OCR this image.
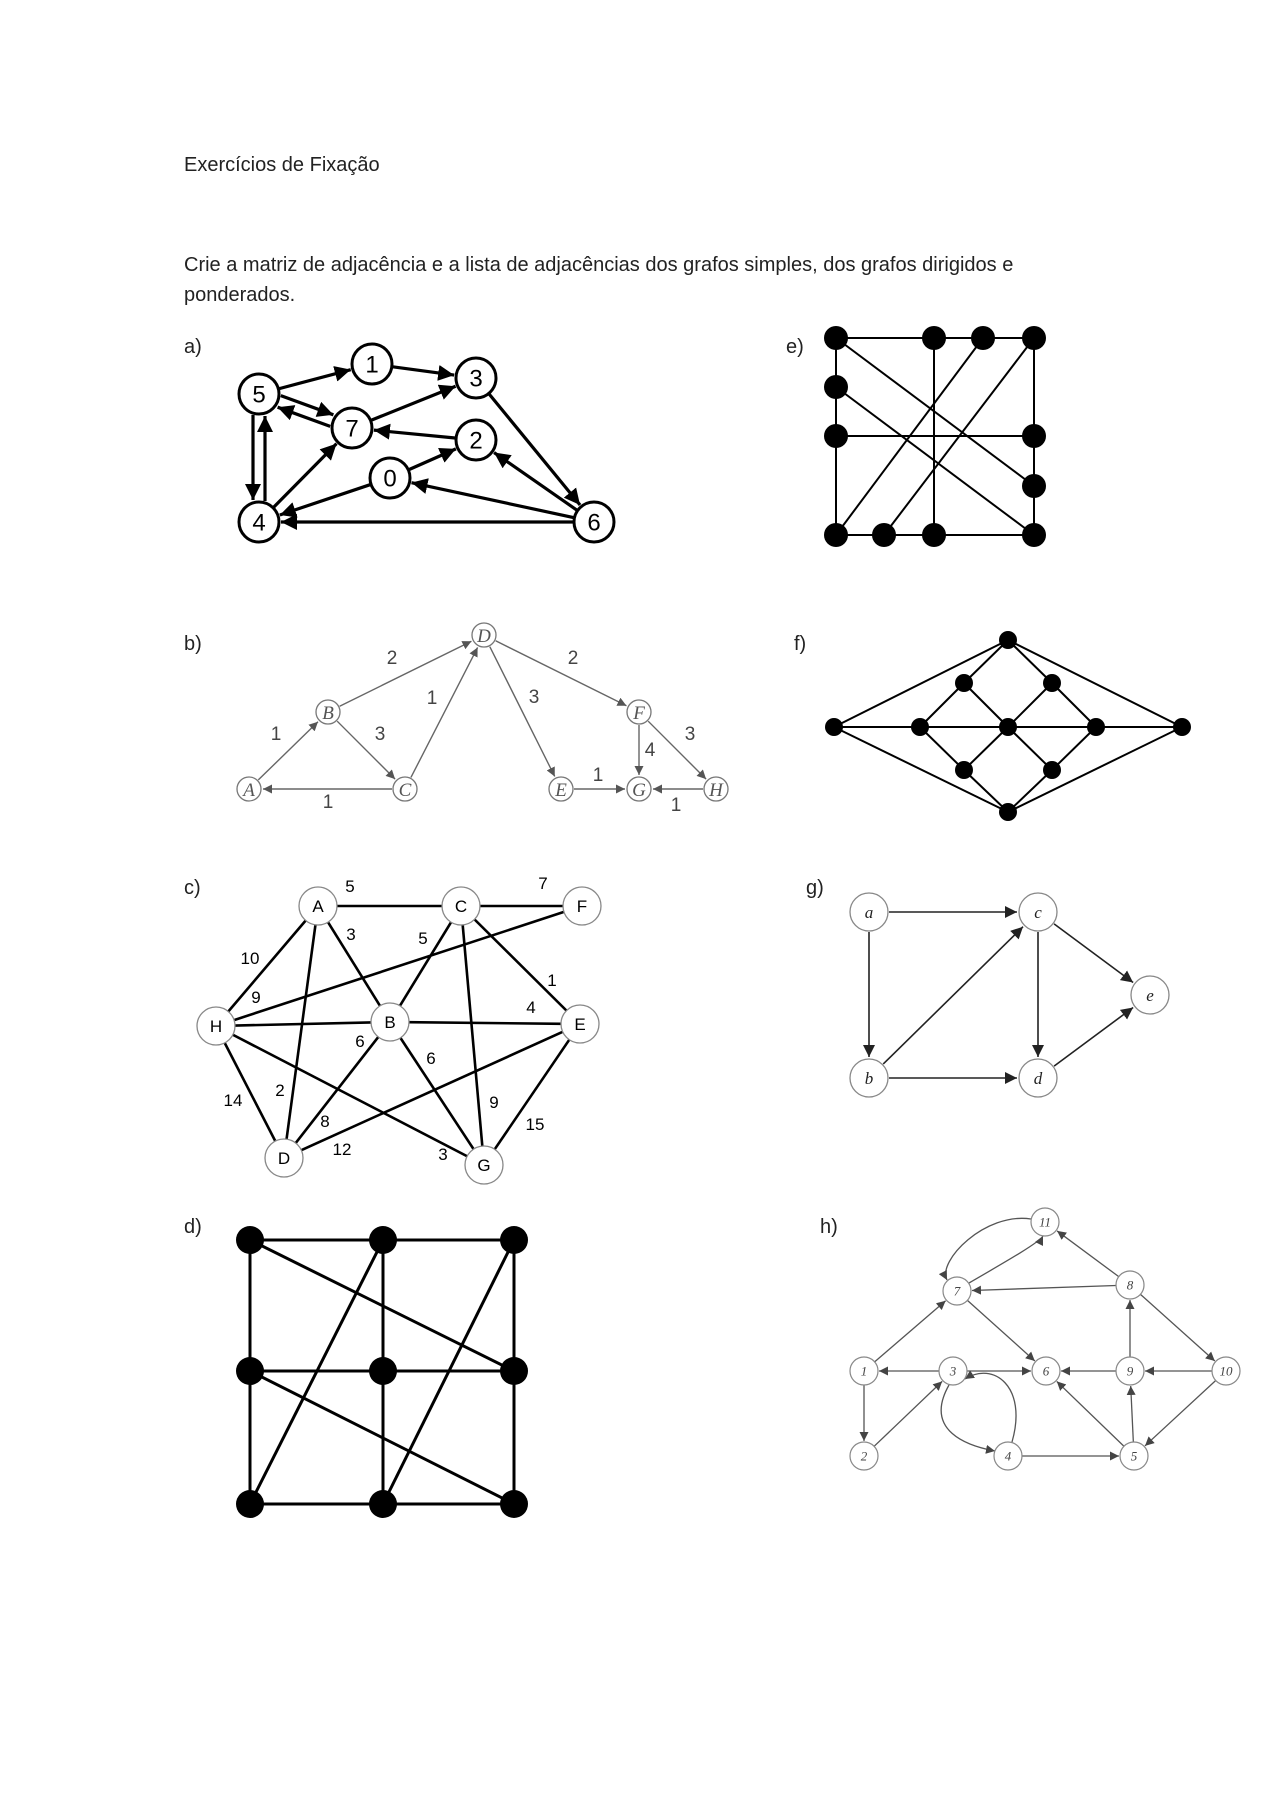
Exercícios de Fixação
Crie a matriz de adjacência e a lista de adjacências dos grafos simples, dos grafos dirigidos e ponderados.
a)	e)
b)	f)
c)	g)
d)	h)
0
1
2
3
4
5
6
7
A
B
C
D
E
F
G	H
1
2
3
1
1
3
2
1
4
3
1
A
B
C
D
E
F
G
H
5	7
3	5
1
4
10
9
6
6
9
15
14
2
8
12	3
a
b
c
d
e
1
2
3
4	5
6
7	8
9	10
11
